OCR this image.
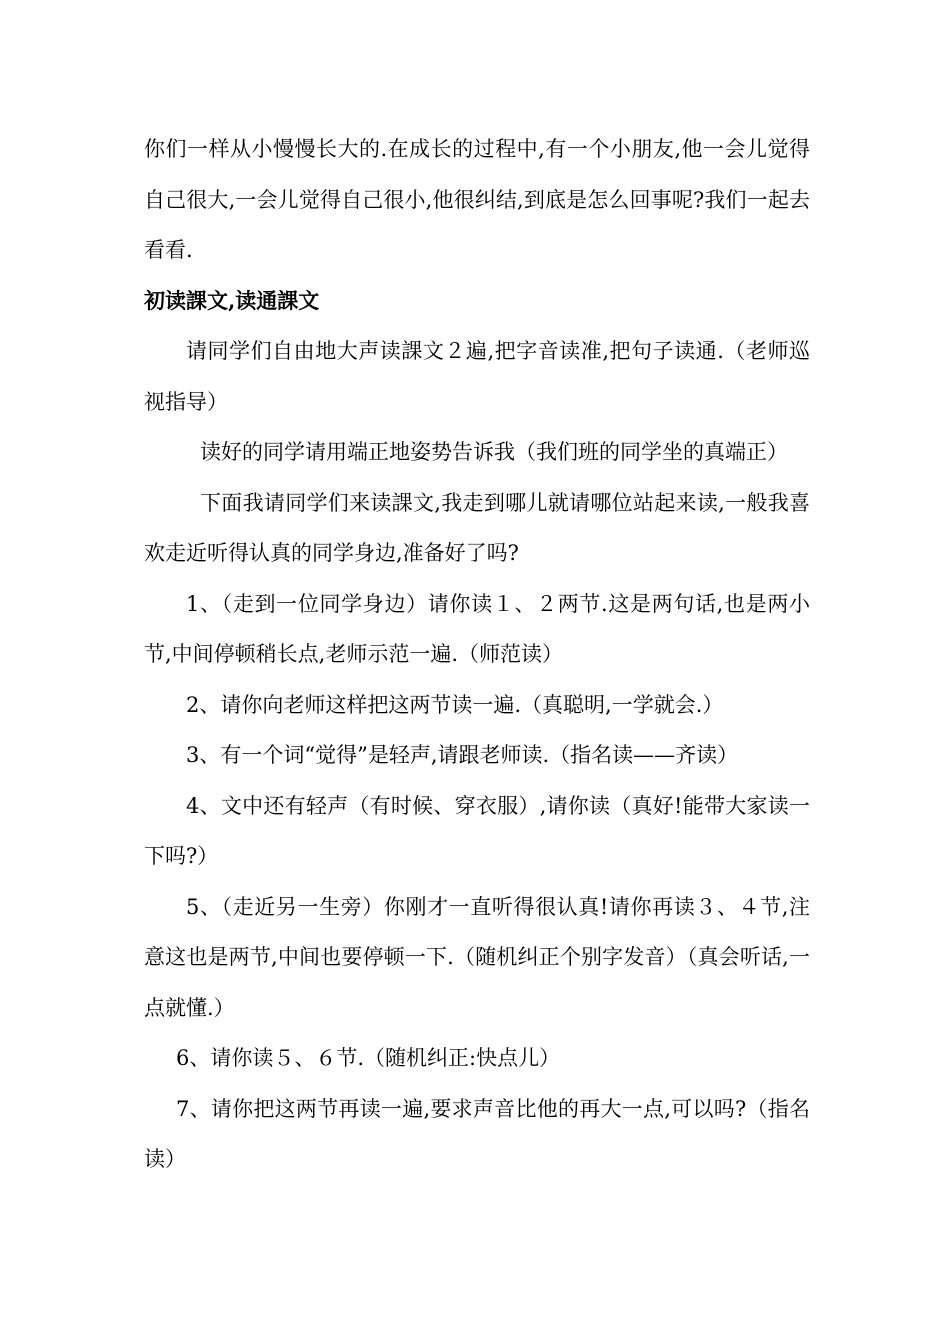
你们一样从小慢慢长大的.在成长的过程中,有一个小朋友,他一会儿觉得自己很大,一会儿觉得自己很小,他很纠结,到底是怎么回事呢?我们一起去看看.

初读課文,读通課文

请同学们自由地大声读課文２遍,把字音读准,把句子读通.（老师巡视指导）

读好的同学请用端正地姿势告诉我（我们班的同学坐的真端正）

下面我请同学们来读課文,我走到哪儿就请哪位站起来读,一般我喜欢走近听得认真的同学身边,准备好了吗?

1、（走到一位同学身边）请你读１、２两节.这是两句话,也是两小节,中间停顿稍长点,老师示范一遍.（师范读）

2、请你向老师这样把这两节读一遍.（真聪明,一学就会.）

3、有一个词“觉得”是轻声,请跟老师读.（指名读——齐读）

4、文中还有轻声（有时候、穿衣服）,请你读（真好!能带大家读一下吗?）

5、（走近另一生旁）你刚才一直听得很认真!请你再读３、４节,注意这也是两节,中间也要停顿一下.（随机纠正个别字发音）（真会听话,一点就懂.）

6、请你读５、６节.（随机纠正:快点儿）

7、请你把这两节再读一遍,要求声音比他的再大一点,可以吗?（指名读）
